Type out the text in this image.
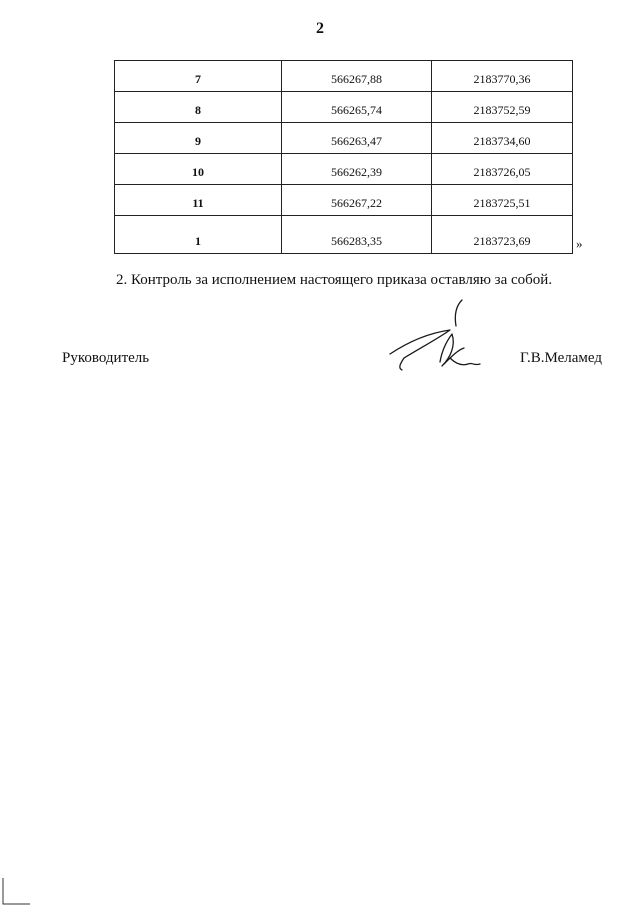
2
7	566267,88	2183770,36
8	566265,74	2183752,59
9	566263,47	2183734,60
10	566262,39	2183726,05
11	566267,22	2183725,51
1	566283,35	2183723,69	»
2. Контроль за исполнением настоящего приказа оставляю за собой.
Руководитель	Г.В.Меламед
